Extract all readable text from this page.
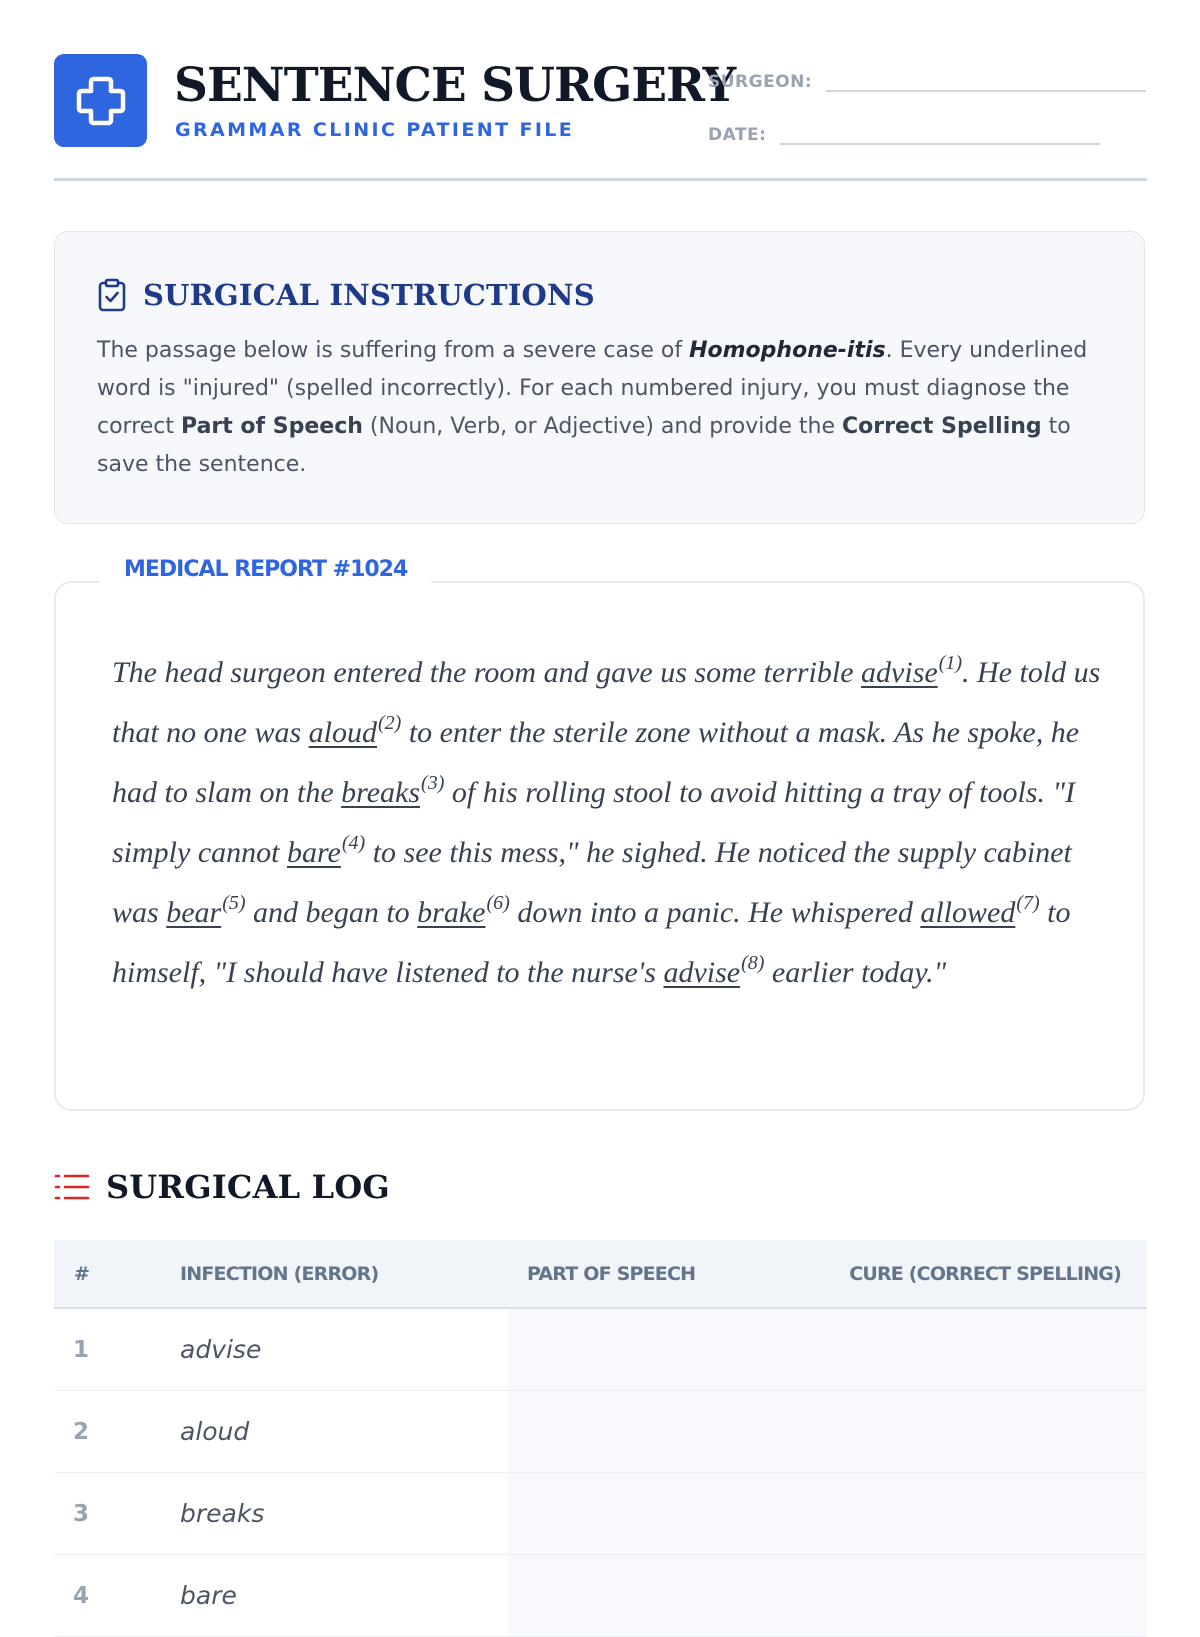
SENTENCE SURGERY
GRAMMAR CLINIC PATIENT FILE
SURGEON:
DATE:
SURGICAL INSTRUCTIONS

The passage below is suffering from a severe case of Homophone-itis. Every underlined word is "injured" (spelled incorrectly). For each numbered injury, you must diagnose the correct Part of Speech (Noun, Verb, or Adjective) and provide the Correct Spelling to save the sentence.

MEDICAL REPORT #1024

The head surgeon entered the room and gave us some terrible advise$^{(1)}$. He told us that no one was aloud$^{(2)}$ to enter the sterile zone without a mask. As he spoke, he had to slam on the breaks$^{(3)}$ of his rolling stool to avoid hitting a tray of tools. "I simply cannot bare$^{(4)}$ to see this mess," he sighed. He noticed the supply cabinet was bear$^{(5)}$ and began to brake$^{(6)}$ down into a panic. He whispered allowed$^{(7)}$ to himself, "I should have listened to the nurse's advise$^{(8)}$ earlier today."

SURGICAL LOG
#	INFECTION (ERROR)	PART OF SPEECH	CURE (CORRECT SPELLING)
1	advise		
2	aloud		
3	breaks		
4	bare		
